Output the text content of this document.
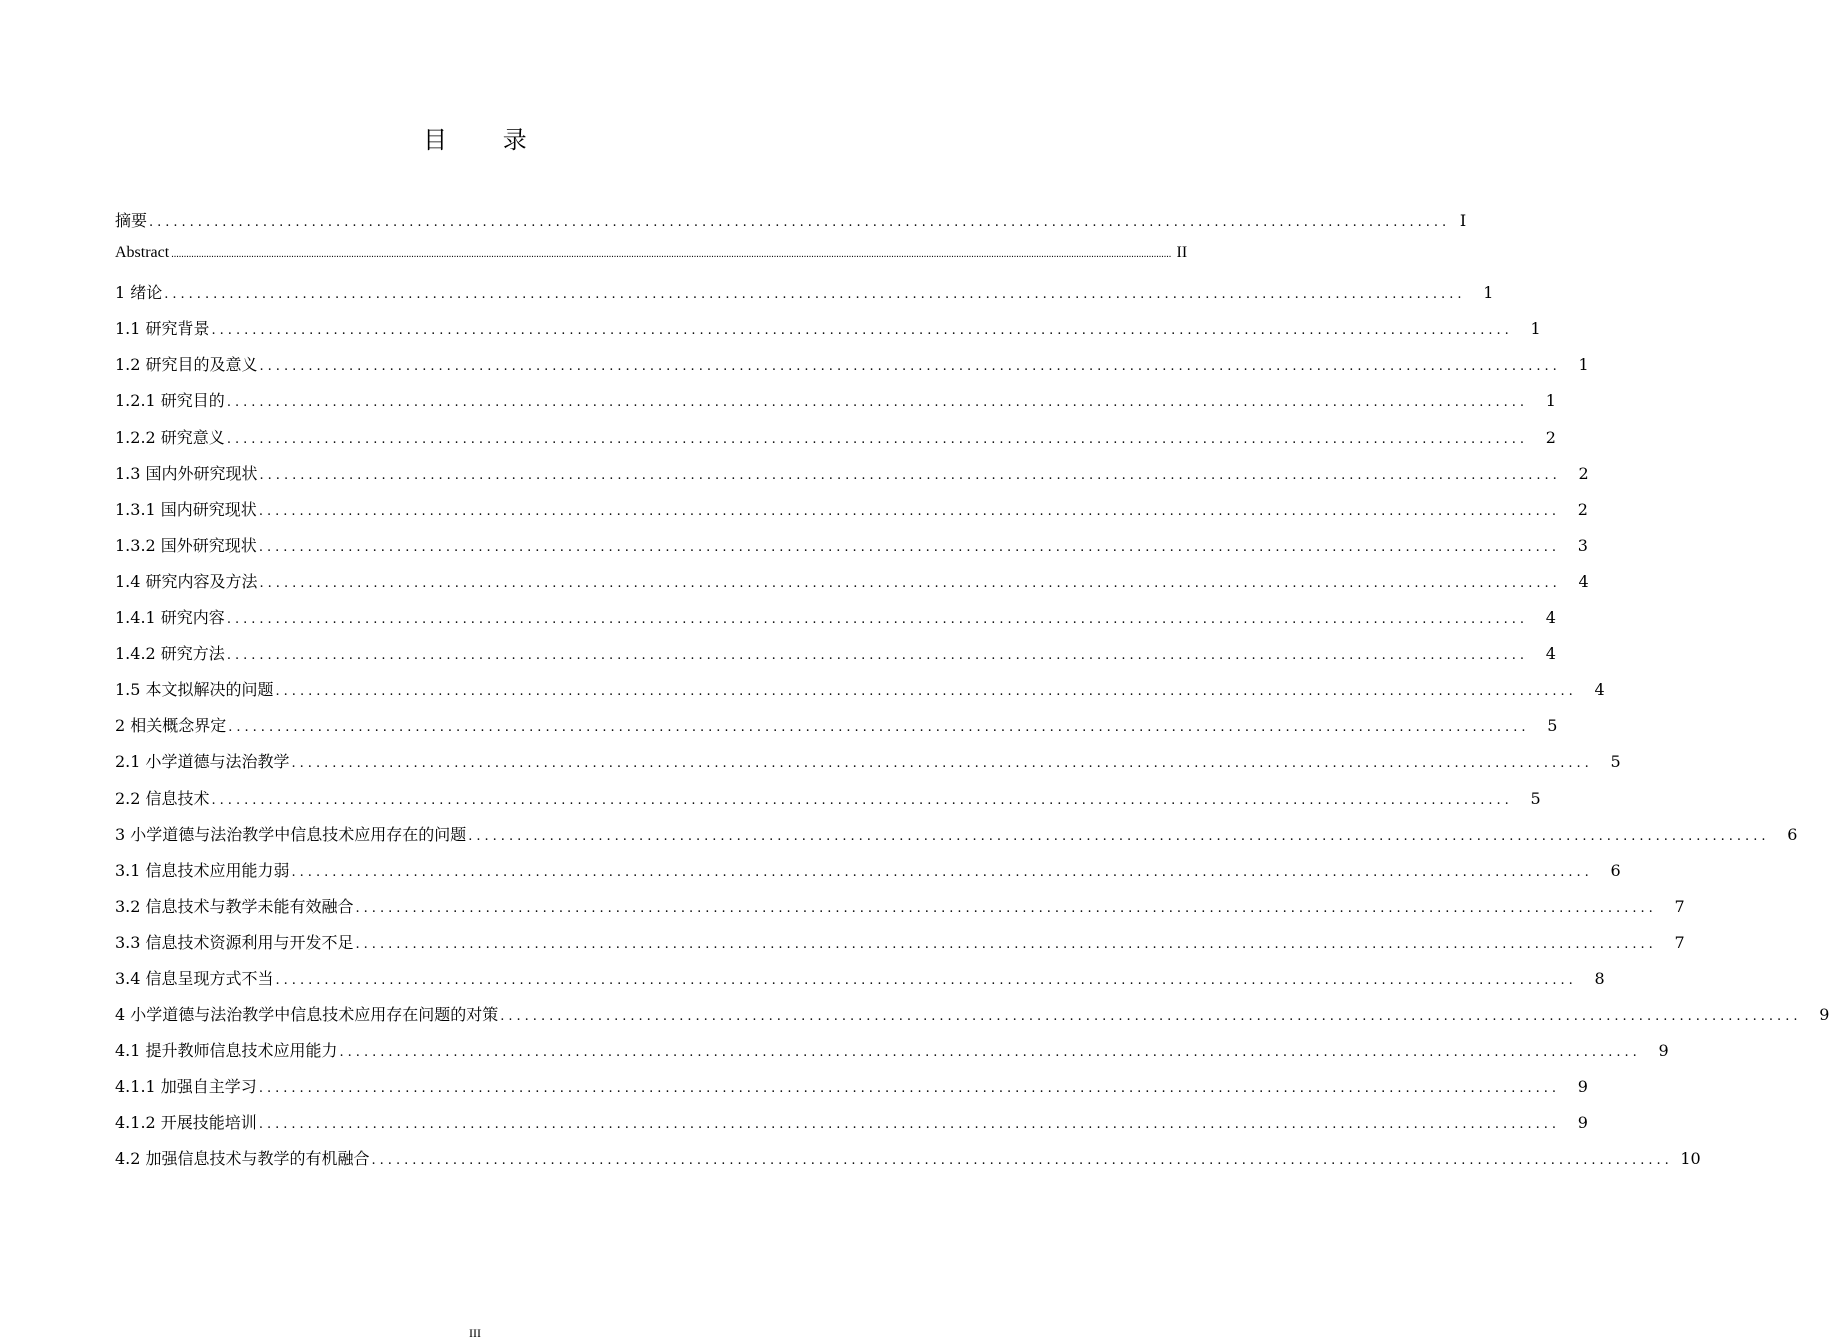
目 录
摘要 ................................................................................................................................................................ I
Abstract ................................................................................................................................................................................................................................................................................................................................................................................................................ II
1 绪论 ................................................................................................................................................................	1
1.1 研究背景 ................................................................................................................................................................	1
1.2 研究目的及意义 ................................................................................................................................................................	1
1.2.1 研究目的 ................................................................................................................................................................	1
1.2.2 研究意义 ................................................................................................................................................................	2
1.3 国内外研究现状 ................................................................................................................................................................	2
1.3.1 国内研究现状 ................................................................................................................................................................	2
1.3.2 国外研究现状 ................................................................................................................................................................	3
1.4 研究内容及方法 ................................................................................................................................................................	4
1.4.1 研究内容 ................................................................................................................................................................	4
1.4.2 研究方法 ................................................................................................................................................................	4
1.5 本文拟解决的问题 ................................................................................................................................................................	4
2 相关概念界定 ................................................................................................................................................................	5
2.1 小学道德与法治教学 ................................................................................................................................................................	5
2.2 信息技术 ................................................................................................................................................................	5
3 小学道德与法治教学中信息技术应用存在的问题 ................................................................................................................................................................	6
3.1 信息技术应用能力弱 ................................................................................................................................................................	6
3.2 信息技术与教学未能有效融合 ................................................................................................................................................................	7
3.3 信息技术资源利用与开发不足 ................................................................................................................................................................	7
3.4 信息呈现方式不当 ................................................................................................................................................................	8
4 小学道德与法治教学中信息技术应用存在问题的对策 ................................................................................................................................................................	9
4.1 提升教师信息技术应用能力 ................................................................................................................................................................	9
4.1.1 加强自主学习 ................................................................................................................................................................	9
4.1.2 开展技能培训 ................................................................................................................................................................	9
4.2 加强信息技术与教学的有机融合 ................................................................................................................................................................ 10
III
